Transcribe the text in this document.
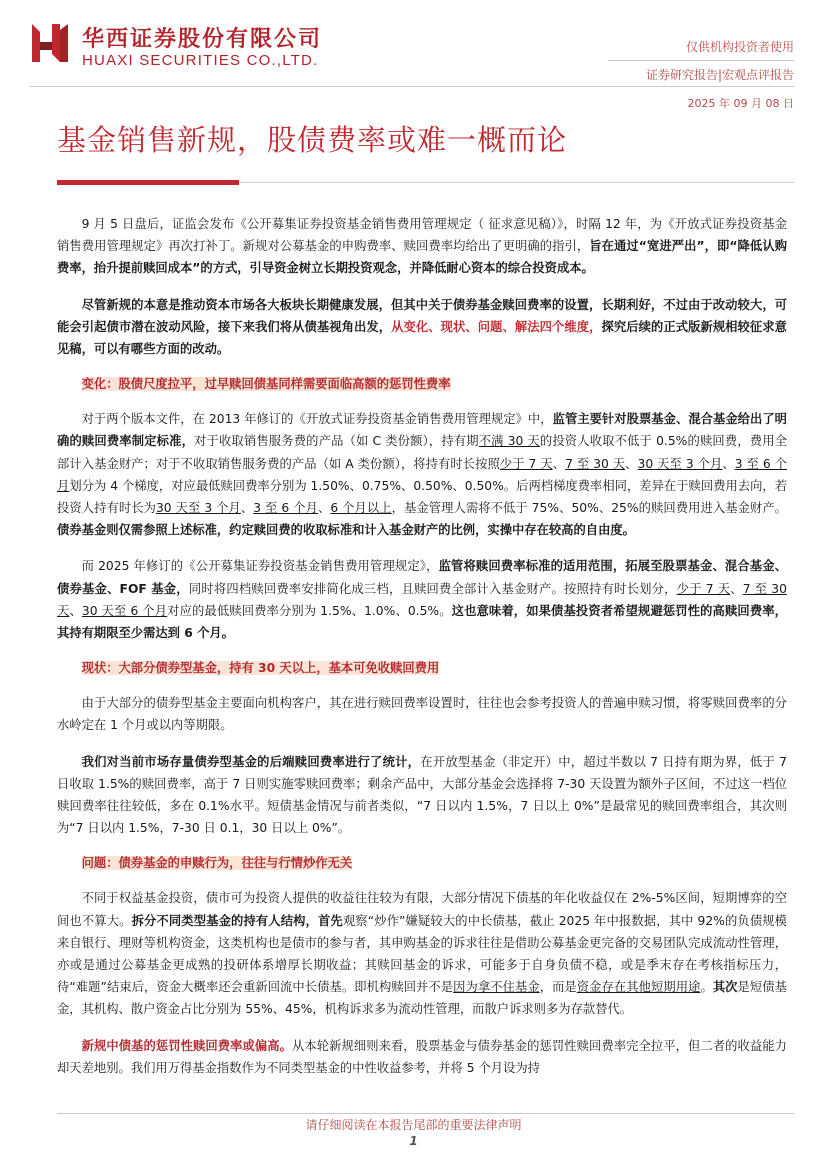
华西证券股份有限公司
HUAXI SECURITIES CO.,LTD.
仅供机构投资者使用
证券研究报告|宏观点评报告
2025 年 09 月 08 日
基金销售新规，股债费率或难一概而论

9 月 5 日盘后，证监会发布《公开募集证券投资基金销售费用管理规定（ 征求意见稿）》，时隔 12 年，为《开放式证券投资基金销售费用管理规定》再次打补丁。新规对公募基金的申购费率、赎回费率均给出了更明确的指引，旨在通过“宽进严出”，即“降低认购费率，抬升提前赎回成本”的方式，引导资金树立长期投资观念，并降低耐心资本的综合投资成本。

尽管新规的本意是推动资本市场各大板块长期健康发展，但其中关于债券基金赎回费率的设置，长期利好，不过由于改动较大，可能会引起债市潜在波动风险，接下来我们将从债基视角出发，从变化、现状、问题、解法四个维度，探究后续的正式版新规相较征求意见稿，可以有哪些方面的改动。

变化：股债尺度拉平，过早赎回债基同样需要面临高额的惩罚性费率

对于两个版本文件，在 2013 年修订的《开放式证券投资基金销售费用管理规定》中，监管主要针对股票基金、混合基金给出了明确的赎回费率制定标准，对于收取销售服务费的产品（如 C 类份额），持有期不满 30 天的投资人收取不低于 0.5%的赎回费，费用全部计入基金财产；对于不收取销售服务费的产品（如 A 类份额），将持有时长按照少于 7 天、7 至 30 天、30 天至 3 个月、3 至 6 个月划分为 4 个梯度，对应最低赎回费率分别为 1.50%、0.75%、0.50%、0.50%。后两档梯度费率相同，差异在于赎回费用去向，若投资人持有时长为30 天至 3 个月、3 至 6 个月、6 个月以上，基金管理人需将不低于 75%、50%、25%的赎回费用进入基金财产。债券基金则仅需参照上述标准，约定赎回费的收取标准和计入基金财产的比例，实操中存在较高的自由度。

而 2025 年修订的《公开募集证券投资基金销售费用管理规定》，监管将赎回费率标准的适用范围，拓展至股票基金、混合基金、债券基金、FOF 基金，同时将四档赎回费率安排简化成三档，且赎回费全部计入基金财产。按照持有时长划分，少于 7 天、7 至 30 天、30 天至 6 个月对应的最低赎回费率分别为 1.5%、1.0%、0.5%。这也意味着，如果债基投资者希望规避惩罚性的高赎回费率，其持有期限至少需达到 6 个月。

现状：大部分债券型基金，持有 30 天以上，基本可免收赎回费用

由于大部分的债券型基金主要面向机构客户，其在进行赎回费率设置时，往往也会参考投资人的普遍申赎习惯，将零赎回费率的分水岭定在 1 个月或以内等期限。

我们对当前市场存量债券型基金的后端赎回费率进行了统计，在开放型基金（非定开）中，超过半数以 7 日持有期为界，低于 7 日收取 1.5%的赎回费率，高于 7 日则实施零赎回费率；剩余产品中，大部分基金会选择将 7-30 天设置为额外子区间，不过这一档位赎回费率往往较低，多在 0.1%水平。短债基金情况与前者类似，“7 日以内 1.5%，7 日以上 0%”是最常见的赎回费率组合，其次则为“7 日以内 1.5%，7-30 日 0.1，30 日以上 0%”。

问题：债券基金的申赎行为，往往与行情炒作无关

不同于权益基金投资，债市可为投资人提供的收益往往较为有限，大部分情况下债基的年化收益仅在 2%-5%区间，短期博弈的空间也不算大。拆分不同类型基金的持有人结构，首先观察“炒作”嫌疑较大的中长债基，截止 2025 年中报数据，其中 92%的负债规模来自银行、理财等机构资金，这类机构也是债市的参与者，其申购基金的诉求往往是借助公募基金更完备的交易团队完成流动性管理，亦或是通过公募基金更成熟的投研体系增厚长期收益；其赎回基金的诉求，可能多于自身负债不稳，或是季末存在考核指标压力，待“难题”结束后，资金大概率还会重新回流中长债基。即机构赎回并不是因为拿不住基金，而是资金存在其他短期用途。其次是短债基金，其机构、散户资金占比分别为 55%、45%，机构诉求多为流动性管理，而散户诉求则多为存款替代。

新规中债基的惩罚性赎回费率或偏高。从本轮新规细则来看，股票基金与债券基金的惩罚性赎回费率完全拉平，但二者的收益能力却天差地别。我们用万得基金指数作为不同类型基金的中性收益参考，并将 5 个月设为持

请仔细阅读在本报告尾部的重要法律声明
1
